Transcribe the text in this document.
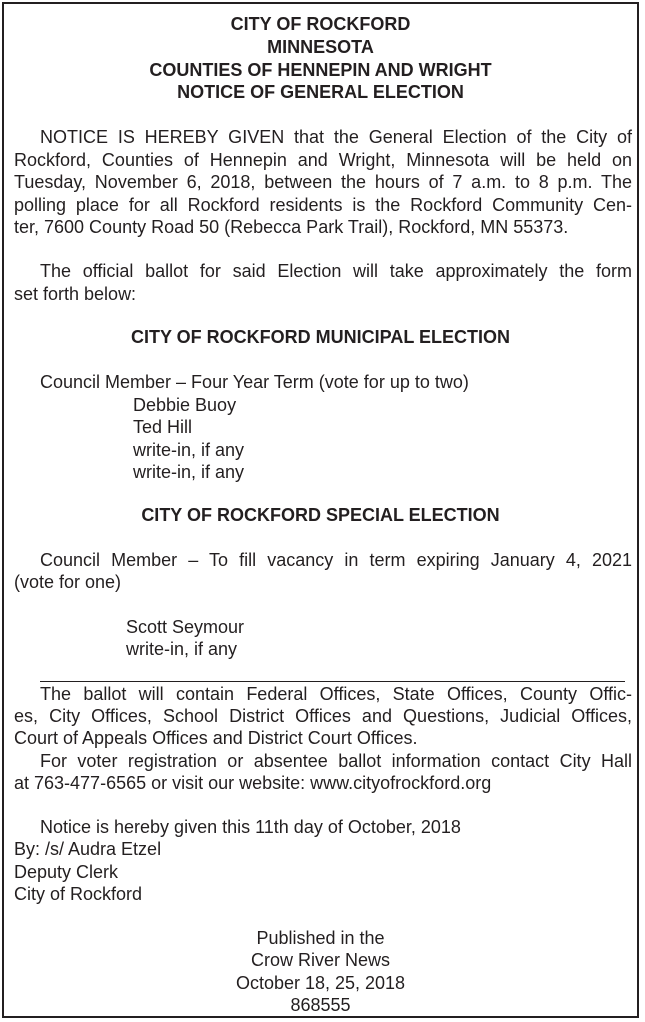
CITY OF ROCKFORD
MINNESOTA
COUNTIES OF HENNEPIN AND WRIGHT
NOTICE OF GENERAL ELECTION
NOTICE IS HEREBY GIVEN that the General Election of the City of
Rockford, Counties of Hennepin and Wright, Minnesota will be held on
Tuesday, November 6, 2018, between the hours of 7 a.m. to 8 p.m. The
polling place for all Rockford residents is the Rockford Community Cen-
ter, 7600 County Road 50 (Rebecca Park Trail), Rockford, MN 55373.
The official ballot for said Election will take approximately the form
set forth below:
CITY OF ROCKFORD MUNICIPAL ELECTION
Council Member – Four Year Term (vote for up to two)
Debbie Buoy
Ted Hill
write-in, if any
write-in, if any
CITY OF ROCKFORD SPECIAL ELECTION
Council Member – To fill vacancy in term expiring January 4, 2021
(vote for one)
Scott Seymour
write-in, if any
The ballot will contain Federal Offices, State Offices, County Offic-
es, City Offices, School District Offices and Questions, Judicial Offices,
Court of Appeals Offices and District Court Offices.
For voter registration or absentee ballot information contact City Hall
at 763-477-6565 or visit our website: www.cityofrockford.org
Notice is hereby given this 11th day of October, 2018
By: /s/ Audra Etzel
Deputy Clerk
City of Rockford
Published in the
Crow River News
October 18, 25, 2018
868555
